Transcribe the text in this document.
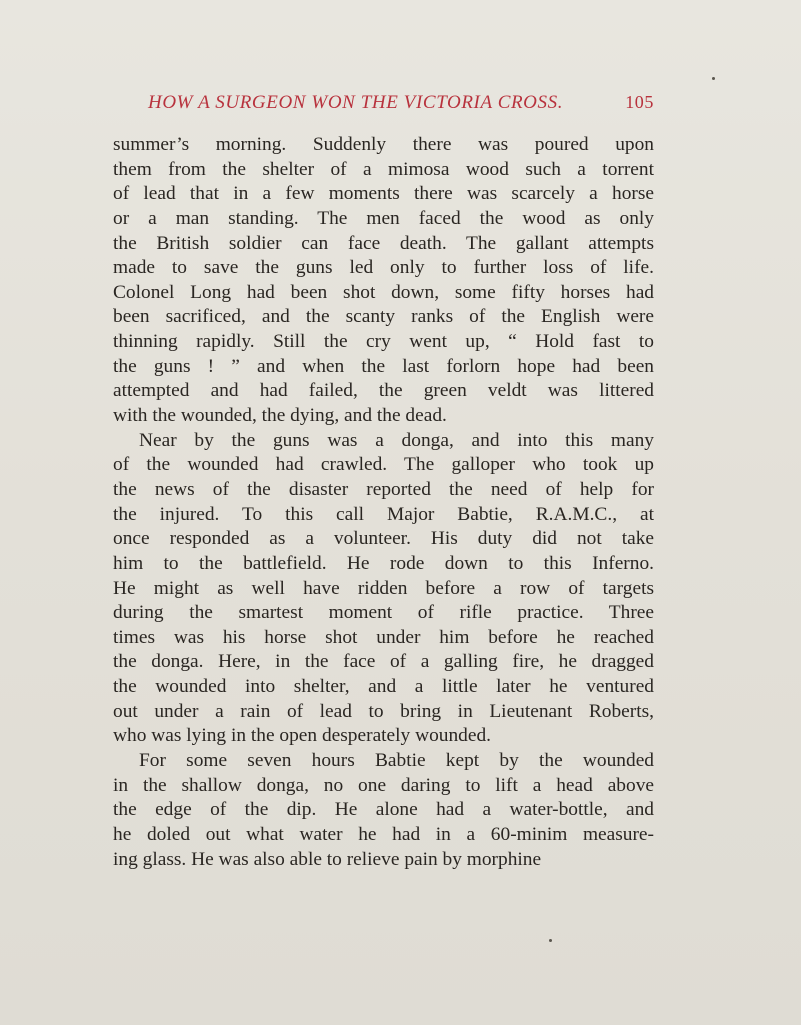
HOW A SURGEON WON THE VICTORIA CROSS.	105
summer’s morning. Suddenly there was poured upon
them from the shelter of a mimosa wood such a torrent
of lead that in a few moments there was scarcely a horse
or a man standing. The men faced the wood as only
the British soldier can face death. The gallant attempts
made to save the guns led only to further loss of life.
Colonel Long had been shot down, some fifty horses had
been sacrificed, and the scanty ranks of the English were
thinning rapidly. Still the cry went up, “ Hold fast to
the guns ! ” and when the last forlorn hope had been
attempted and had failed, the green veldt was littered
with the wounded, the dying, and the dead.
Near by the guns was a donga, and into this many
of the wounded had crawled. The galloper who took up
the news of the disaster reported the need of help for
the injured. To this call Major Babtie, R.A.M.C., at
once responded as a volunteer. His duty did not take
him to the battlefield. He rode down to this Inferno.
He might as well have ridden before a row of targets
during the smartest moment of rifle practice. Three
times was his horse shot under him before he reached
the donga. Here, in the face of a galling fire, he dragged
the wounded into shelter, and a little later he ventured
out under a rain of lead to bring in Lieutenant Roberts,
who was lying in the open desperately wounded.
For some seven hours Babtie kept by the wounded
in the shallow donga, no one daring to lift a head above
the edge of the dip. He alone had a water-bottle, and
he doled out what water he had in a 60-minim measure-
ing glass. He was also able to relieve pain by morphine
